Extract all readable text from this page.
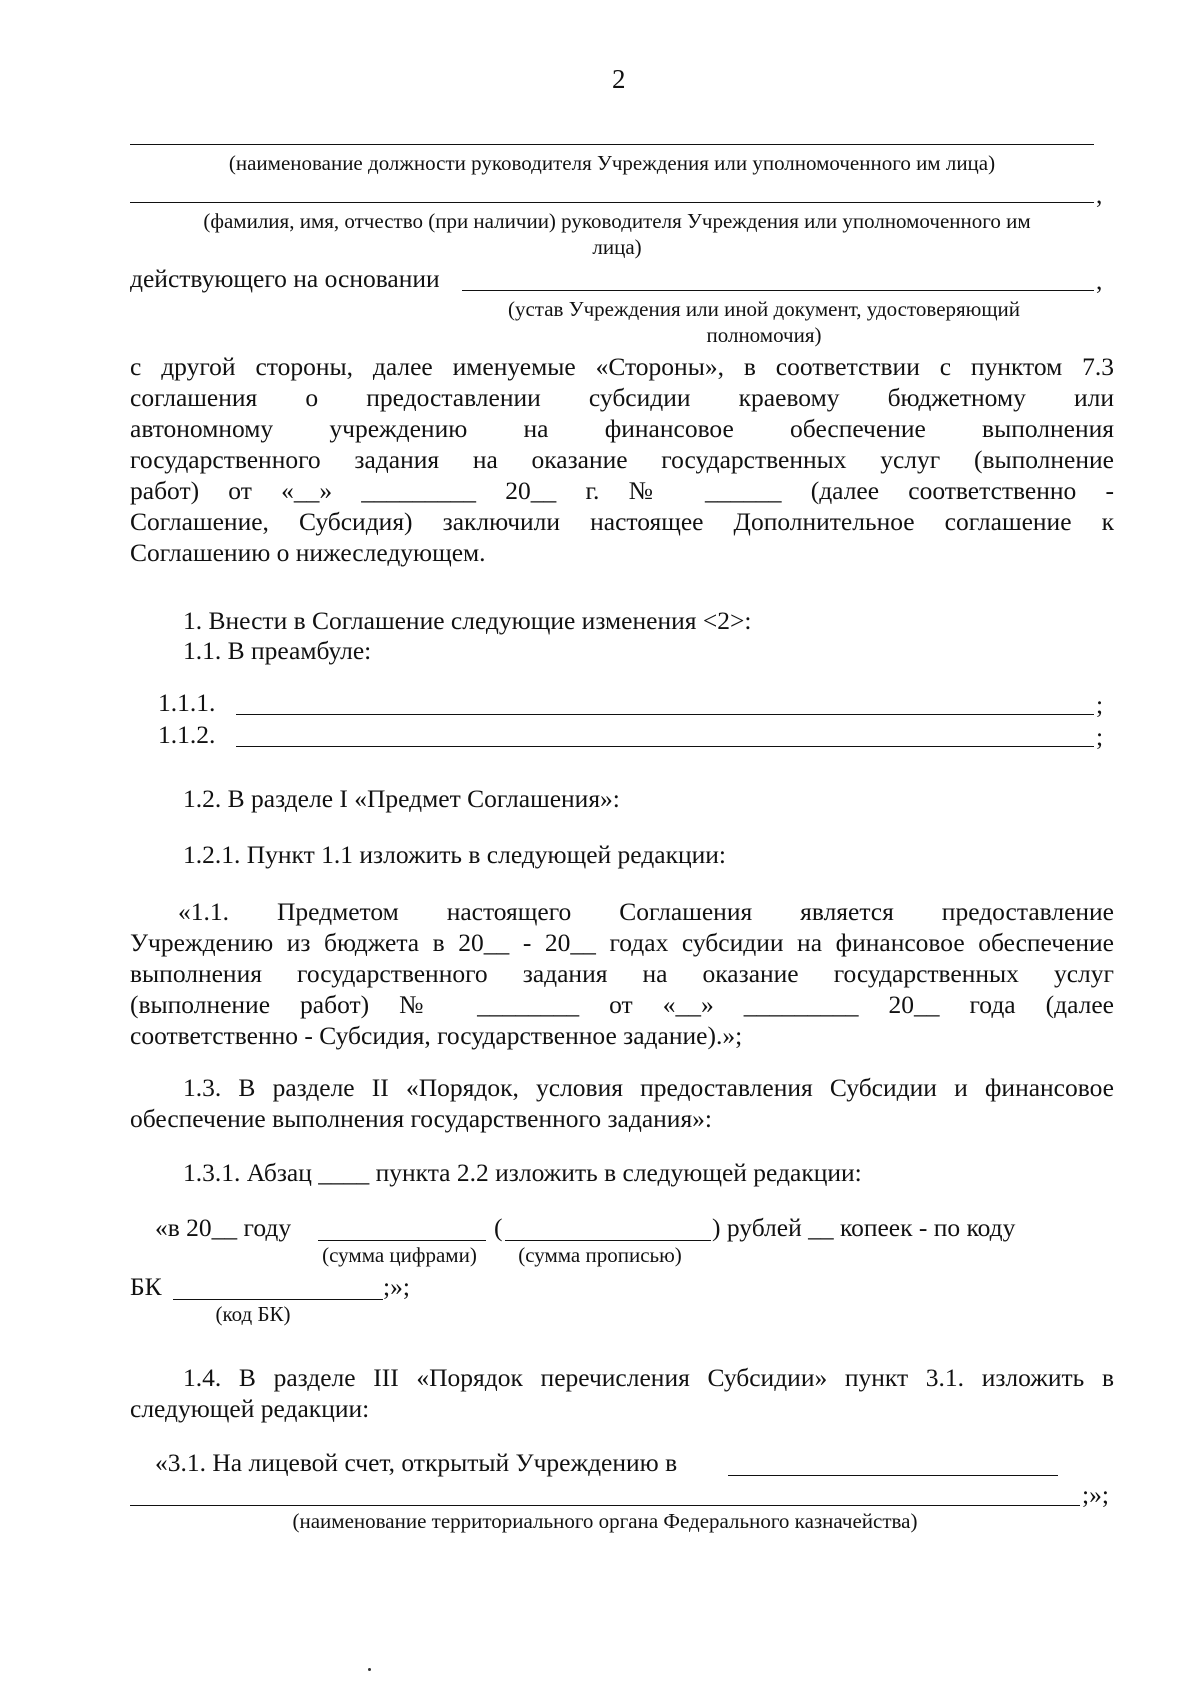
2
(наименование должности руководителя Учреждения или уполномоченного им лица)
,
(фамилия, имя, отчество (при наличии) руководителя Учреждения или уполномоченного им
лица)
действующего на основании	,
(устав Учреждения или иной документ, удостоверяющий
полномочия)
с другой стороны, далее именуемые «Стороны», в соответствии с пунктом 7.3
соглашения о предоставлении субсидии краевому бюджетному или
автономному учреждению на финансовое обеспечение выполнения
государственного задания на оказание государственных услуг (выполнение
работ) от «__» _________ 20__ г. № ______ (далее соответственно -
Соглашение, Субсидия) заключили настоящее Дополнительное соглашение к
Соглашению о нижеследующем.
1. Внести в Соглашение следующие изменения <2>:
1.1. В преамбуле:
1.1.1.	;
1.1.2.	;
1.2. В разделе I «Предмет Соглашения»:
1.2.1. Пункт 1.1 изложить в следующей редакции:
«1.1. Предметом настоящего Соглашения является предоставление
Учреждению из бюджета в 20__ - 20__ годах субсидии на финансовое обеспечение
выполнения государственного задания на оказание государственных услуг
(выполнение работ) № ________ от «__» _________ 20__ года (далее
соответственно - Субсидия, государственное задание).»;
1.3. В разделе II «Порядок, условия предоставления Субсидии и финансовое
обеспечение выполнения государственного задания»:
1.3.1. Абзац ____ пункта 2.2 изложить в следующей редакции:
«в 20__ году	(	) рублей __ копеек - по коду
(сумма цифрами)	(сумма прописью)
БК	;»;
(код БК)
1.4. В разделе III «Порядок перечисления Субсидии» пункт 3.1. изложить в
следующей редакции:
«3.1. На лицевой счет, открытый Учреждению в
;»;
(наименование территориального органа Федерального казначейства)
